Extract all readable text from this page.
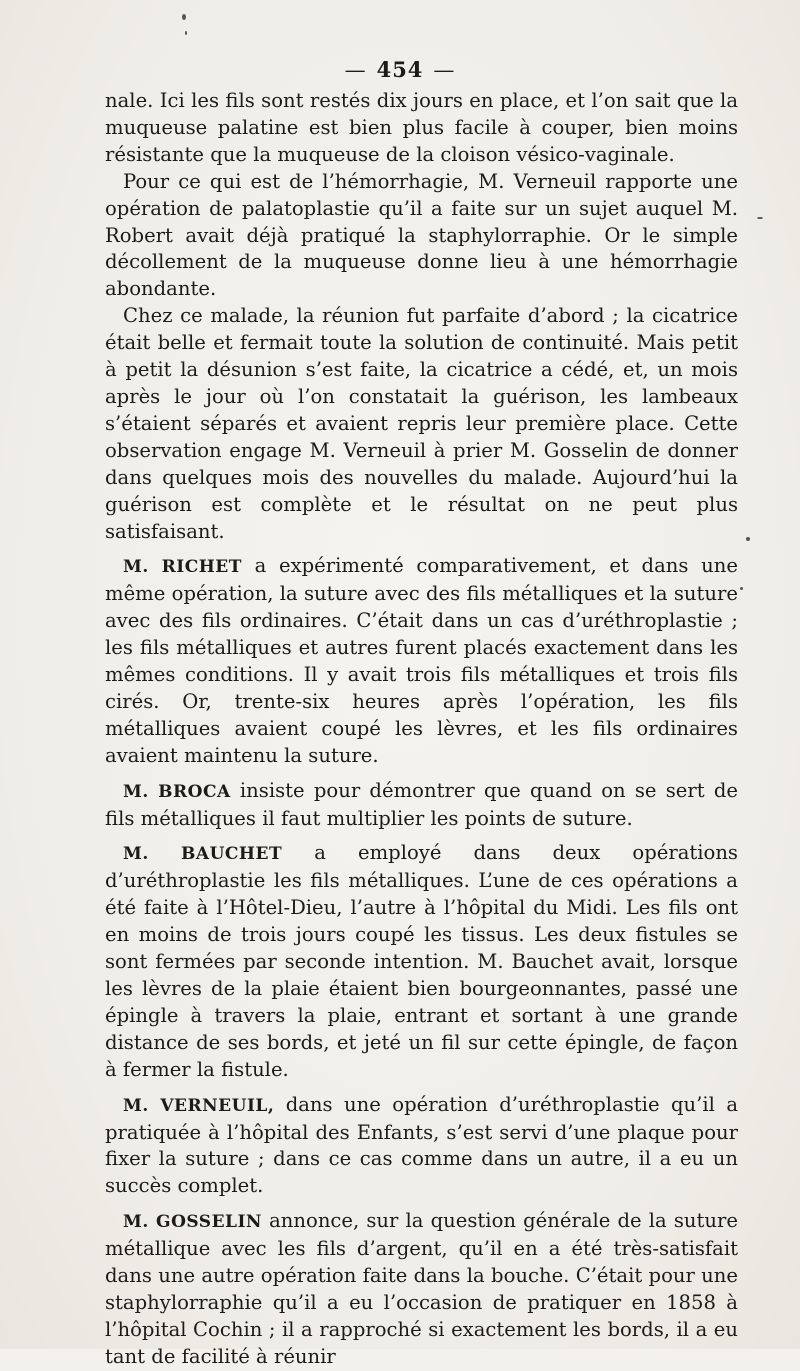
— 454 —

nale. Ici les fils sont restés dix jours en place, et l’on sait que la muqueuse palatine est bien plus facile à couper, bien moins résistante que la muqueuse de la cloison vésico-vaginale.

Pour ce qui est de l’hémorrhagie, M. Verneuil rapporte une opération de palatoplastie qu’il a faite sur un sujet auquel M. Robert avait déjà pratiqué la staphylorraphie. Or le simple décollement de la muqueuse donne lieu à une hémorrhagie abondante.

Chez ce malade, la réunion fut parfaite d’abord ; la cicatrice était belle et fermait toute la solution de continuité. Mais petit à petit la désunion s’est faite, la cicatrice a cédé, et, un mois après le jour où l’on constatait la guérison, les lambeaux s’étaient séparés et avaient repris leur première place. Cette observation engage M. Verneuil à prier M. Gosselin de donner dans quelques mois des nouvelles du malade. Aujourd’hui la guérison est complète et le résultat on ne peut plus satisfaisant.

M. RICHET a expérimenté comparativement, et dans une même opération, la suture avec des fils métalliques et la suture avec des fils ordinaires. C’était dans un cas d’uréthroplastie ; les fils métalliques et autres furent placés exactement dans les mêmes conditions. Il y avait trois fils métalliques et trois fils cirés. Or, trente-six heures après l’opération, les fils métalliques avaient coupé les lèvres, et les fils ordinaires avaient maintenu la suture.

M. BROCA insiste pour démontrer que quand on se sert de fils métalliques il faut multiplier les points de suture.

M. BAUCHET a employé dans deux opérations d’uréthroplastie les fils métalliques. L’une de ces opérations a été faite à l’Hôtel-Dieu, l’autre à l’hôpital du Midi. Les fils ont en moins de trois jours coupé les tissus. Les deux fistules se sont fermées par seconde intention. M. Bauchet avait, lorsque les lèvres de la plaie étaient bien bourgeonnantes, passé une épingle à travers la plaie, entrant et sortant à une grande distance de ses bords, et jeté un fil sur cette épingle, de façon à fermer la fistule.

M. VERNEUIL, dans une opération d’uréthroplastie qu’il a pratiquée à l’hôpital des Enfants, s’est servi d’une plaque pour fixer la suture ; dans ce cas comme dans un autre, il a eu un succès complet.

M. GOSSELIN annonce, sur la question générale de la suture métallique avec les fils d’argent, qu’il en a été très-satisfait dans une autre opération faite dans la bouche. C’était pour une staphylorraphie qu’il a eu l’occasion de pratiquer en 1858 à l’hôpital Cochin ; il a rapproché si exactement les bords, il a eu tant de facilité à réunir
